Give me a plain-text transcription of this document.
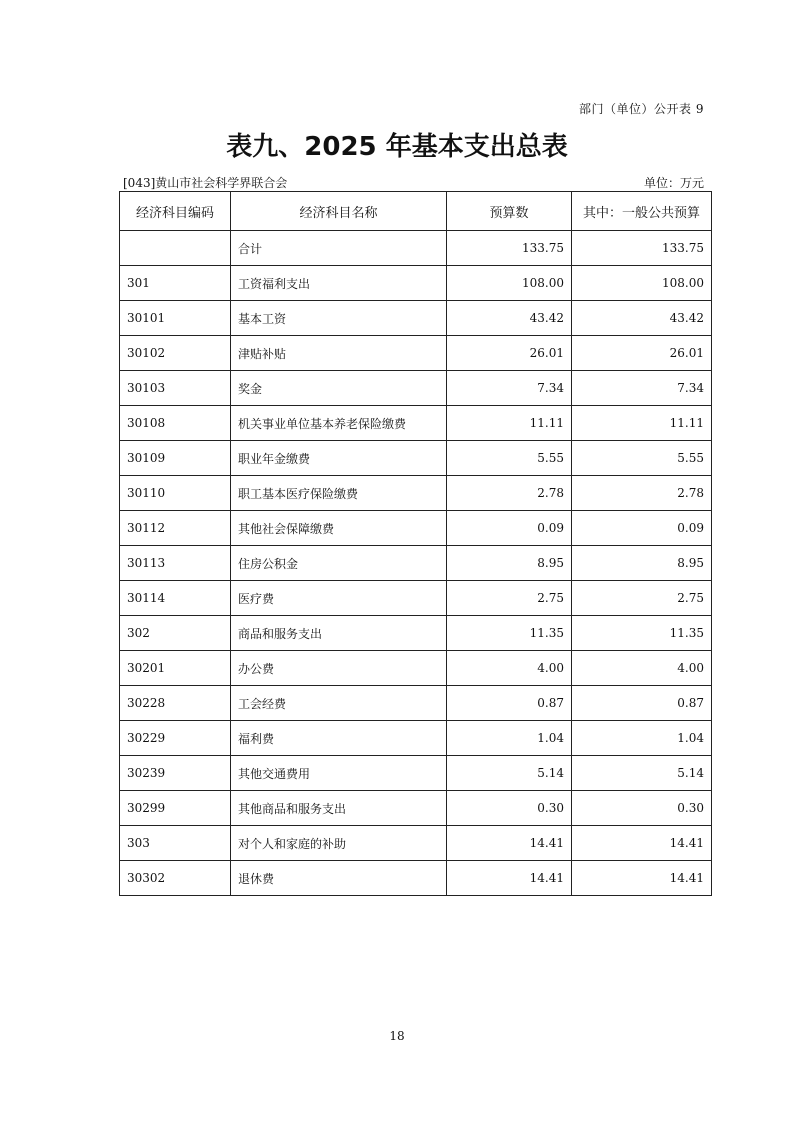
部门（单位）公开表 9
表九、2025 年基本支出总表
[043]黄山市社会科学界联合会	单位：万元
经济科目编码	经济科目名称	预算数	其中：一般公共预算
	合计	133.75	133.75
301	工资福利支出	108.00	108.00
30101	基本工资	43.42	43.42
30102	津贴补贴	26.01	26.01
30103	奖金	7.34	7.34
30108	机关事业单位基本养老保险缴费	11.11	11.11
30109	职业年金缴费	5.55	5.55
30110	职工基本医疗保险缴费	2.78	2.78
30112	其他社会保障缴费	0.09	0.09
30113	住房公积金	8.95	8.95
30114	医疗费	2.75	2.75
302	商品和服务支出	11.35	11.35
30201	办公费	4.00	4.00
30228	工会经费	0.87	0.87
30229	福利费	1.04	1.04
30239	其他交通费用	5.14	5.14
30299	其他商品和服务支出	0.30	0.30
303	对个人和家庭的补助	14.41	14.41
30302	退休费	14.41	14.41
18
